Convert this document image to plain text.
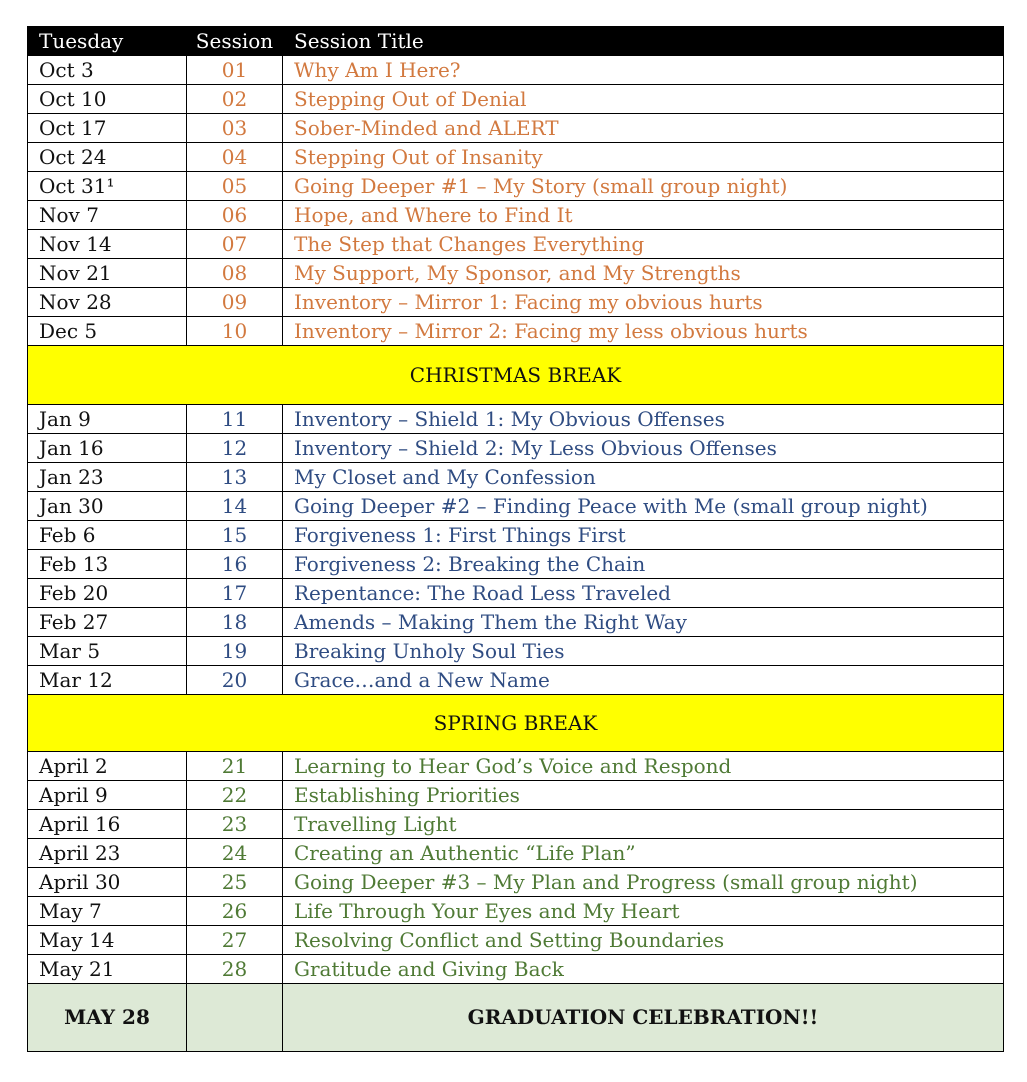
Tuesday	Session	Session Title
Oct 3	01	Why Am I Here?
Oct 10	02	Stepping Out of Denial
Oct 17	03	Sober-Minded and ALERT
Oct 24	04	Stepping Out of Insanity
Oct 31¹	05	Going Deeper #1 – My Story (small group night)
Nov 7	06	Hope, and Where to Find It
Nov 14	07	The Step that Changes Everything
Nov 21	08	My Support, My Sponsor, and My Strengths
Nov 28	09	Inventory – Mirror 1: Facing my obvious hurts
Dec 5	10	Inventory – Mirror 2: Facing my less obvious hurts
CHRISTMAS BREAK		
Jan 9	11	Inventory – Shield 1: My Obvious Offenses
Jan 16	12	Inventory – Shield 2: My Less Obvious Offenses
Jan 23	13	My Closet and My Confession
Jan 30	14	Going Deeper #2 – Finding Peace with Me (small group night)
Feb 6	15	Forgiveness 1: First Things First
Feb 13	16	Forgiveness 2: Breaking the Chain
Feb 20	17	Repentance: The Road Less Traveled
Feb 27	18	Amends – Making Them the Right Way
Mar 5	19	Breaking Unholy Soul Ties
Mar 12	20	Grace…and a New Name
SPRING BREAK		
April 2	21	Learning to Hear God’s Voice and Respond
April 9	22	Establishing Priorities
April 16	23	Travelling Light
April 23	24	Creating an Authentic “Life Plan”
April 30	25	Going Deeper #3 – My Plan and Progress (small group night)
May 7	26	Life Through Your Eyes and My Heart
May 14	27	Resolving Conflict and Setting Boundaries
May 21	28	Gratitude and Giving Back
MAY 28		GRADUATION CELEBRATION!!
